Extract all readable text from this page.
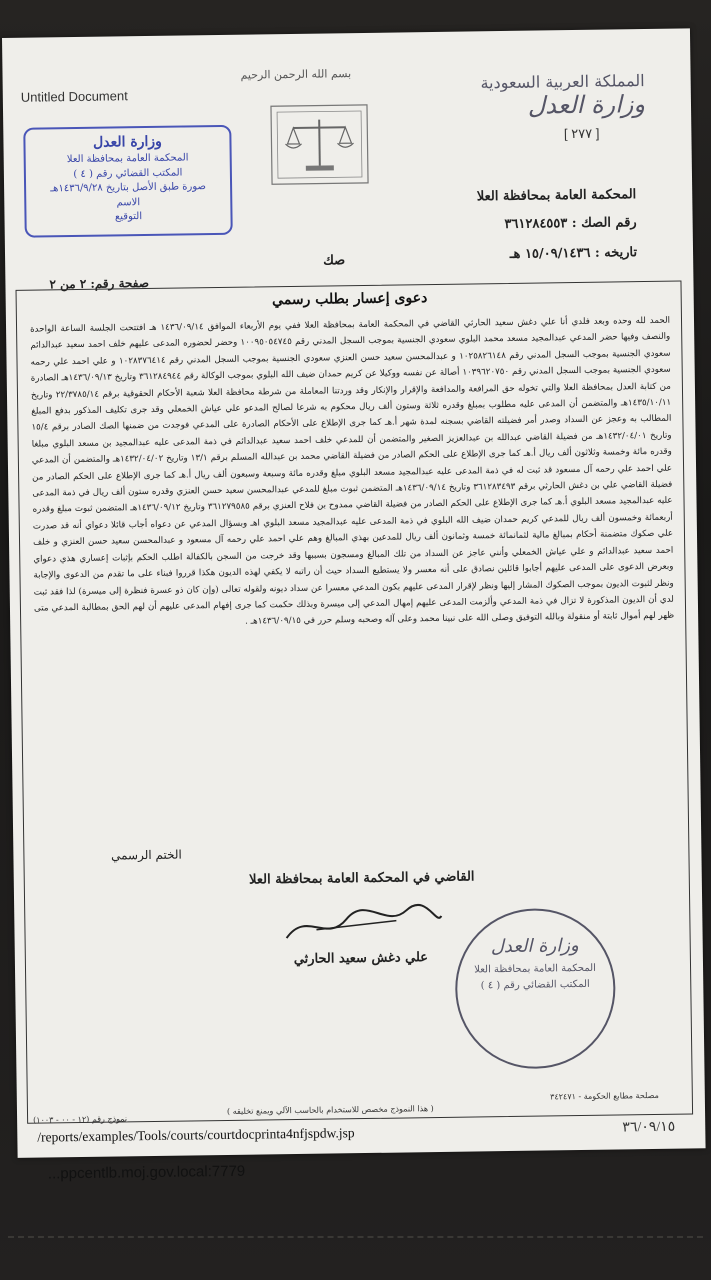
Untitled Document
المملكة العربية السعودية
وزارة العدل
بسم الله الرحمن الرحيم
[ ٢٧٧ ]
وزارة العدل
المحكمة العامة بمحافظة العلا
المكتب القضائي رقم ( ٤ )
صورة طبق الأصل بتاريخ ١٤٣٦/٩/٢٨هـ
الاسم
التوقيع
المحكمة العامة بمحافظة العلا
رقم الصك : ٣٦١٢٨٤٥٥٣
تاريخه : ١٥/٠٩/١٤٣٦ هـ
صك
صفحة رقم: ٢ من ٢
دعوى إعسار بطلب رسمي
الحمد لله وحده وبعد فلدي أنا علي دغش سعيد الحارثي القاضي في المحكمة العامة بمحافظة العلا ففي يوم الأربعاء الموافق ١٤٣٦/٠٩/١٤ هـ افتتحت الجلسة الساعة الواحدة والنصف وفيها حضر المدعي عبدالمجيد مسعد محمد البلوي سعودي الجنسية بموجب السجل المدني رقم ١٠٠٩٥٠٥٤٧٤٥ وحضر لحضوره المدعى عليهم خلف احمد سعيد عبدالدائم سعودي الجنسية بموجب السجل المدني رقم ١٠٢٥٨٢٦١٤٨ و عبدالمحسن سعيد حسن العنزي سعودي الجنسية بموجب السجل المدني رقم ١٠٢٨٣٧٦٤١٤ و علي احمد علي رحمه سعودي الجنسية بموجب السجل المدني رقم ١٠٣٩٦٢٠٧٥٠ أصالة عن نفسه ووكيلا عن كريم حمدان ضيف الله البلوي بموجب الوكالة رقم ٣٦١٢٨٤٩٤٤ وتاريخ ١٤٣٦/٠٩/١٣هـ الصادرة من كتابة العدل بمحافظة العلا والتي تخوله حق المرافعة والمدافعة والإقرار والإنكار وقد وردتنا المعاملة من شرطة محافظة العلا شعبة الأحكام الحقوقية برقم ٢٢/٣٧٨٥/١٤ وتاريخ ١٤٣٥/١٠/١١هـ والمتضمن أن المدعى عليه مطلوب بمبلغ وقدره ثلاثة وستون ألف ريال محكوم به شرعا لصالح المدعو علي عياش الخمعلي وقد جرى تكليف المذكور بدفع المبلغ المطالب به وعجز عن السداد وصدر أمر فضيلته القاضي بسجنه لمدة شهر أ.هـ كما جرى الإطلاع على الأحكام الصادرة على المدعي فوجدت من ضمنها الصك الصادر برقم ١٥/٤ وتاريخ ١٤٣٢/٠٤/٠١هـ من فضيلة القاضي عبدالله بن عبدالعزيز الصغير والمتضمن أن للمدعي خلف احمد سعيد عبدالدائم في ذمة المدعى عليه عبدالمجيد بن مسعد البلوي مبلغا وقدره مائة وخمسة وثلاثون ألف ريال أ.هـ كما جرى الإطلاع على الحكم الصادر من فضيلة القاضي محمد بن عبدالله المسلم برقم ١٣/١ وتاريخ ١٤٣٢/٠٤/٠٢هـ والمتضمن أن المدعي علي احمد علي رحمه آل مسعود قد ثبت له في ذمة المدعى عليه عبدالمجيد مسعد البلوي مبلغ وقدره مائة وسبعة وسبعون ألف ريال أ.هـ كما جرى الإطلاع على الحكم الصادر من فضيلة القاضي علي بن دغش الحارثي برقم ٣٦١٢٨٣٤٩٣ وتاريخ ١٤٣٦/٠٩/١٤هـ المتضمن ثبوت مبلغ للمدعي عبدالمحسن سعيد حسن العنزي وقدره ستون ألف ريال في ذمة المدعى عليه عبدالمجيد مسعد البلوي أ.هـ كما جرى الإطلاع على الحكم الصادر من فضيلة القاضي ممدوح بن فلاح العنزي برقم ٣٦١٢٧٩٥٨٥ وتاريخ ١٤٣٦/٠٩/١٢هـ المتضمن ثبوت مبلغ وقدره أربعمائة وخمسون ألف ريال للمدعي كريم حمدان ضيف الله البلوي في ذمة المدعى عليه عبدالمجيد مسعد البلوي اهـ وبسؤال المدعي عن دعواه أجاب قائلا دعواي أنه قد صدرت علي صكوك متضمنة أحكام بمبالغ مالية لثمانمائة خمسة وثمانون ألف ريال للمدعين بهذي المبالغ وهم علي احمد علي رحمه آل مسعود و عبدالمحسن سعيد حسن العنزي و خلف احمد سعيد عبدالدائم و علي عياش الخمعلي وأنني عاجز عن السداد من تلك المبالغ ومسجون بسببها وقد خرجت من السجن بالكفالة اطلب الحكم بإثبات إعساري هذي دعواي وبعرض الدعوى على المدعى عليهم أجابوا قائلين نصادق على أنه معسر ولا يستطيع السداد حيث أن راتبه لا يكفي لهذه الديون هكذا قرروا فبناء على ما تقدم من الدعوى والإجابة ونظر لثبوت الديون بموجب الصكوك المشار إليها ونظر لإقرار المدعى عليهم بكون المدعي معسرا عن سداد ديونه ولقوله تعالى (وإن كان ذو عسرة فنظرة إلى ميسرة) لذا فقد ثبت لدي أن الديون المذكورة لا تزال في ذمة المدعي وألزمت المدعى عليهم إمهال المدعي إلى ميسرة وبذلك حكمت كما جرى إفهام المدعى عليهم أن لهم الحق بمطالبة المدعي متى ظهر لهم أموال ثابتة أو منقولة وبالله التوفيق وصلى الله على نبينا محمد وعلى آله وصحبه وسلم حرر في ١٤٣٦/٠٩/١٥هـ .
الختم الرسمي
القاضي في المحكمة العامة بمحافظة العلا
علي دغش سعيد الحارثي
وزارة العدل
المحكمة العامة بمحافظة العلا
المكتب القضائي رقم ( ٤ )
مصلحة مطابع الحكومة - ٣٤٢٤٧١
( هذا النموذج مخصص للاستخدام بالحاسب الآلي ويمنع تخليقه )
نموذج رقم (١٢ - ٠٠ - ١٠٠٣)
/reports/examples/Tools/courts/courtdocprinta4nfjspdw.jsp	٣٦/٠٩/١٥
...ppcentlb.moj.gov.local:7779
